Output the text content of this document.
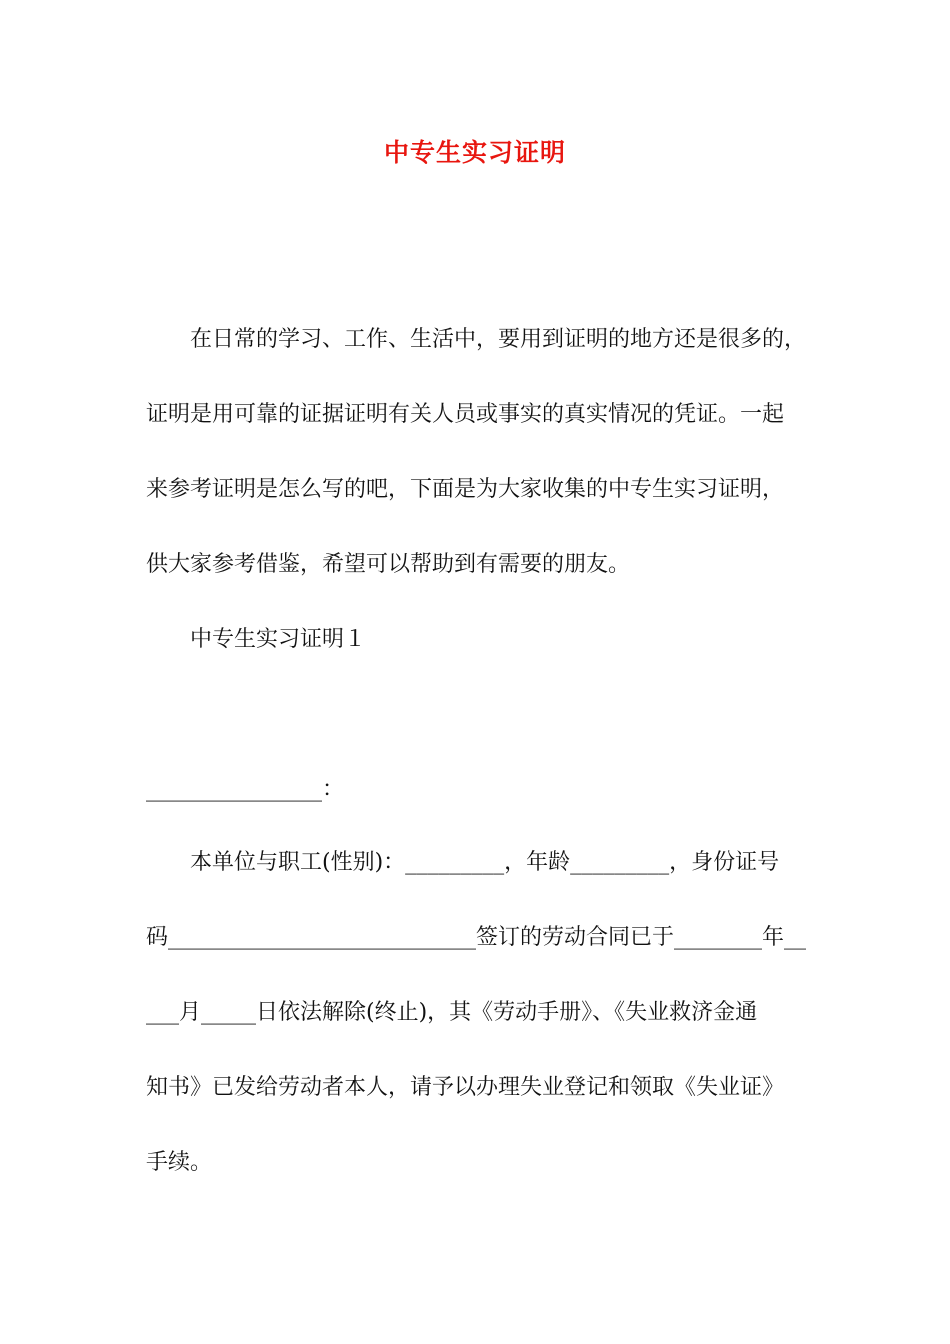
中专生实习证明
在日常的学习、工作、生活中，要用到证明的地方还是很多的，
证明是用可靠的证据证明有关人员或事实的真实情况的凭证。一起
来参考证明是怎么写的吧，下面是为大家收集的中专生实习证明，
供大家参考借鉴，希望可以帮助到有需要的朋友。
中专生实习证明１
________________：
本单位与职工(性别)：_________，年龄_________，身份证号
码____________________________签订的劳动合同已于________年__
___月_____日依法解除(终止)，其《劳动手册》、《失业救济金通
知书》已发给劳动者本人，请予以办理失业登记和领取《失业证》
手续。
